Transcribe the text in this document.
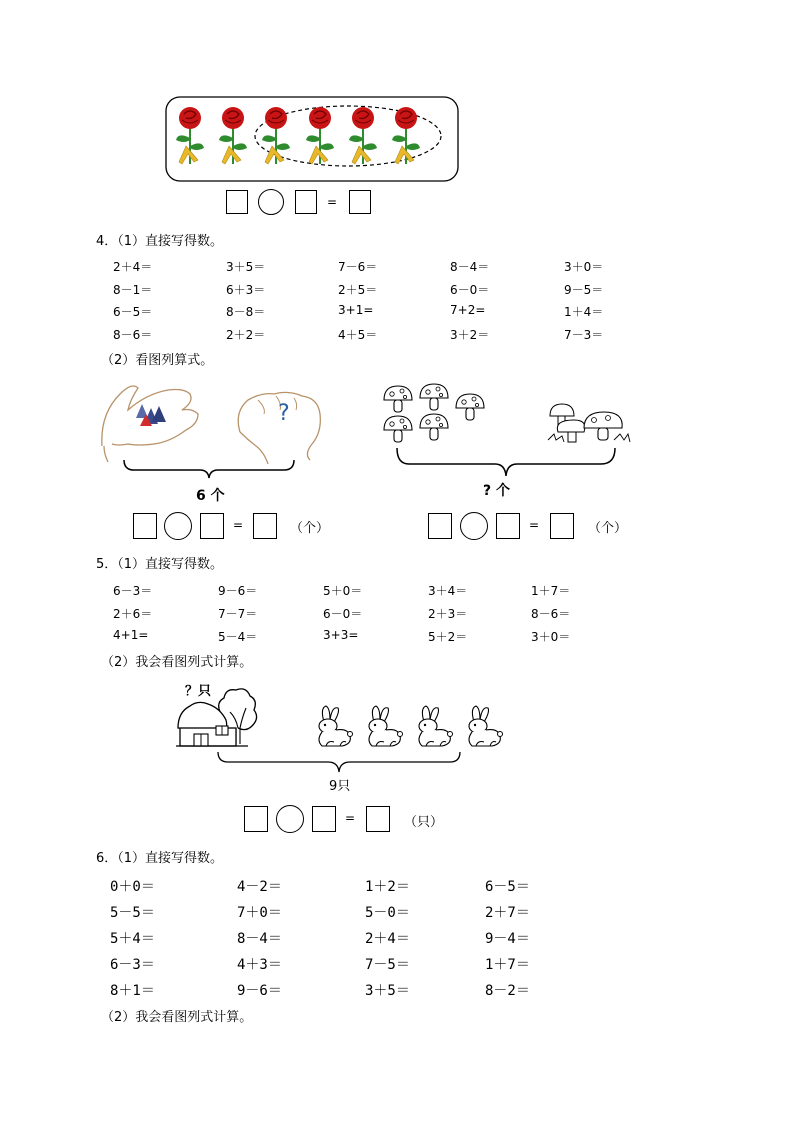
=
4．（1）直接写得数。
2＋4＝	3＋5＝	7－6＝	8－4＝	3＋0＝
8－1＝	6＋3＝	2＋5＝	6－0＝	9－5＝
6－5＝	8－8＝	3+1=	7+2=	1＋4＝
8－6＝	2＋2＝	4＋5＝	3＋2＝	7－3＝
（2）看图列算式。
?
6 个	? 个
=	（个）	=	（个）
5．（1）直接写得数。
6－3＝	9－6＝	5＋0＝	3＋4＝	1＋7＝
2＋6＝	7－7＝	6－0＝	2＋3＝	8－6＝
4+1=	5－4＝	3+3=	5＋2＝	3＋0＝
（2）我会看图列式计算。
？只
9只
=	（只）
6．（1）直接写得数。
0＋0＝	4－2＝	1＋2＝	6－5＝
5－5＝	7＋0＝	5－0＝	2＋7＝
5＋4＝	8－4＝	2＋4＝	9－4＝
6－3＝	4＋3＝	7－5＝	1＋7＝
8＋1＝	9－6＝	3＋5＝	8－2＝
（2）我会看图列式计算。
